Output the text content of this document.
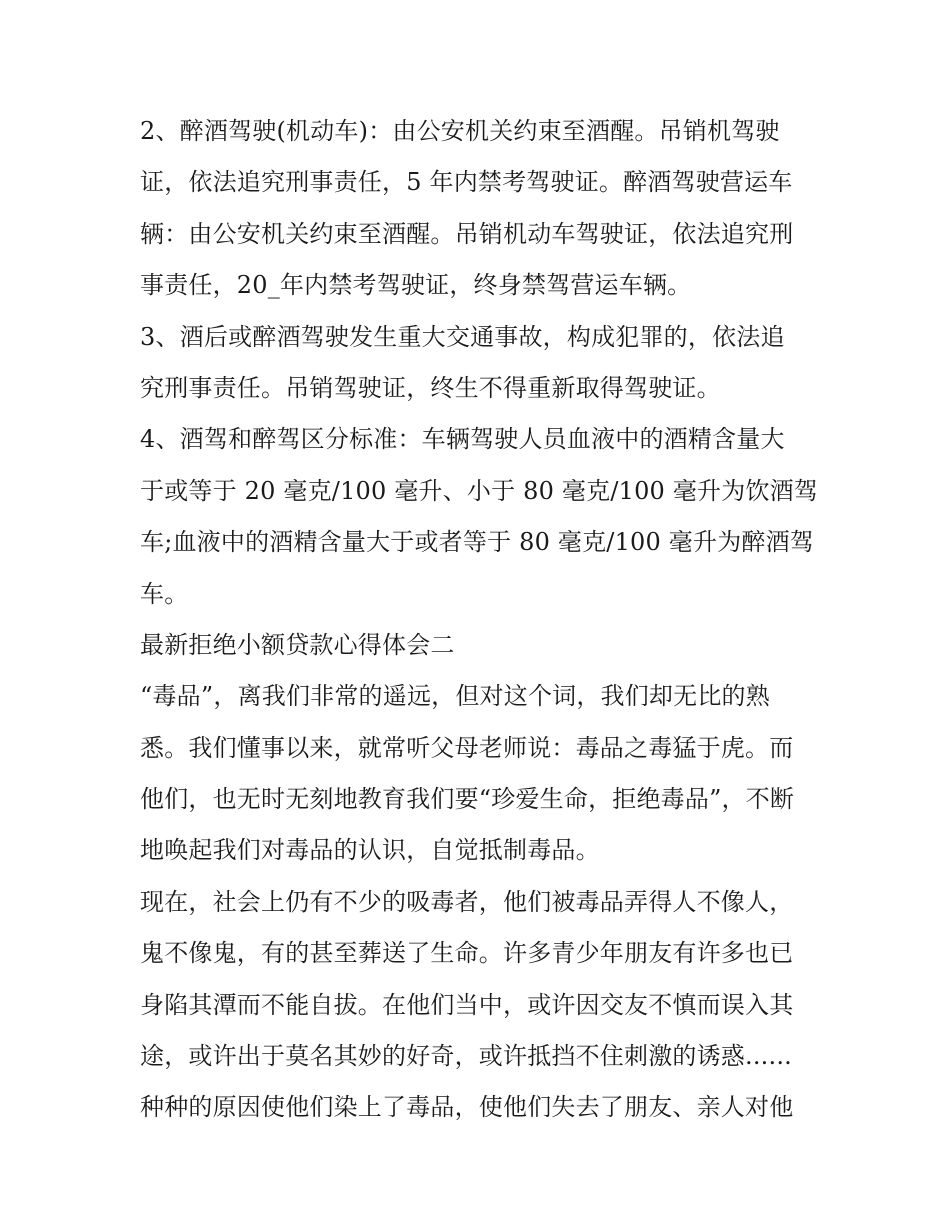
2、醉酒驾驶(机动车)：由公安机关约束至酒醒。吊销机驾驶
证，依法追究刑事责任，5 年内禁考驾驶证。醉酒驾驶营运车
辆：由公安机关约束至酒醒。吊销机动车驾驶证，依法追究刑
事责任，20_年内禁考驾驶证，终身禁驾营运车辆。
3、酒后或醉酒驾驶发生重大交通事故，构成犯罪的，依法追
究刑事责任。吊销驾驶证，终生不得重新取得驾驶证。
4、酒驾和醉驾区分标准：车辆驾驶人员血液中的酒精含量大
于或等于 20 毫克/100 毫升、小于 80 毫克/100 毫升为饮酒驾
车;血液中的酒精含量大于或者等于 80 毫克/100 毫升为醉酒驾
车。
最新拒绝小额贷款心得体会二
“毒品”，离我们非常的遥远，但对这个词，我们却无比的熟
悉。我们懂事以来，就常听父母老师说：毒品之毒猛于虎。而
他们，也无时无刻地教育我们要“珍爱生命，拒绝毒品”，不断
地唤起我们对毒品的认识，自觉抵制毒品。
现在，社会上仍有不少的吸毒者，他们被毒品弄得人不像人，
鬼不像鬼，有的甚至葬送了生命。许多青少年朋友有许多也已
身陷其潭而不能自拔。在他们当中，或许因交友不慎而误入其
途，或许出于莫名其妙的好奇，或许抵挡不住刺激的诱惑......
种种的原因使他们染上了毒品，使他们失去了朋友、亲人对他
